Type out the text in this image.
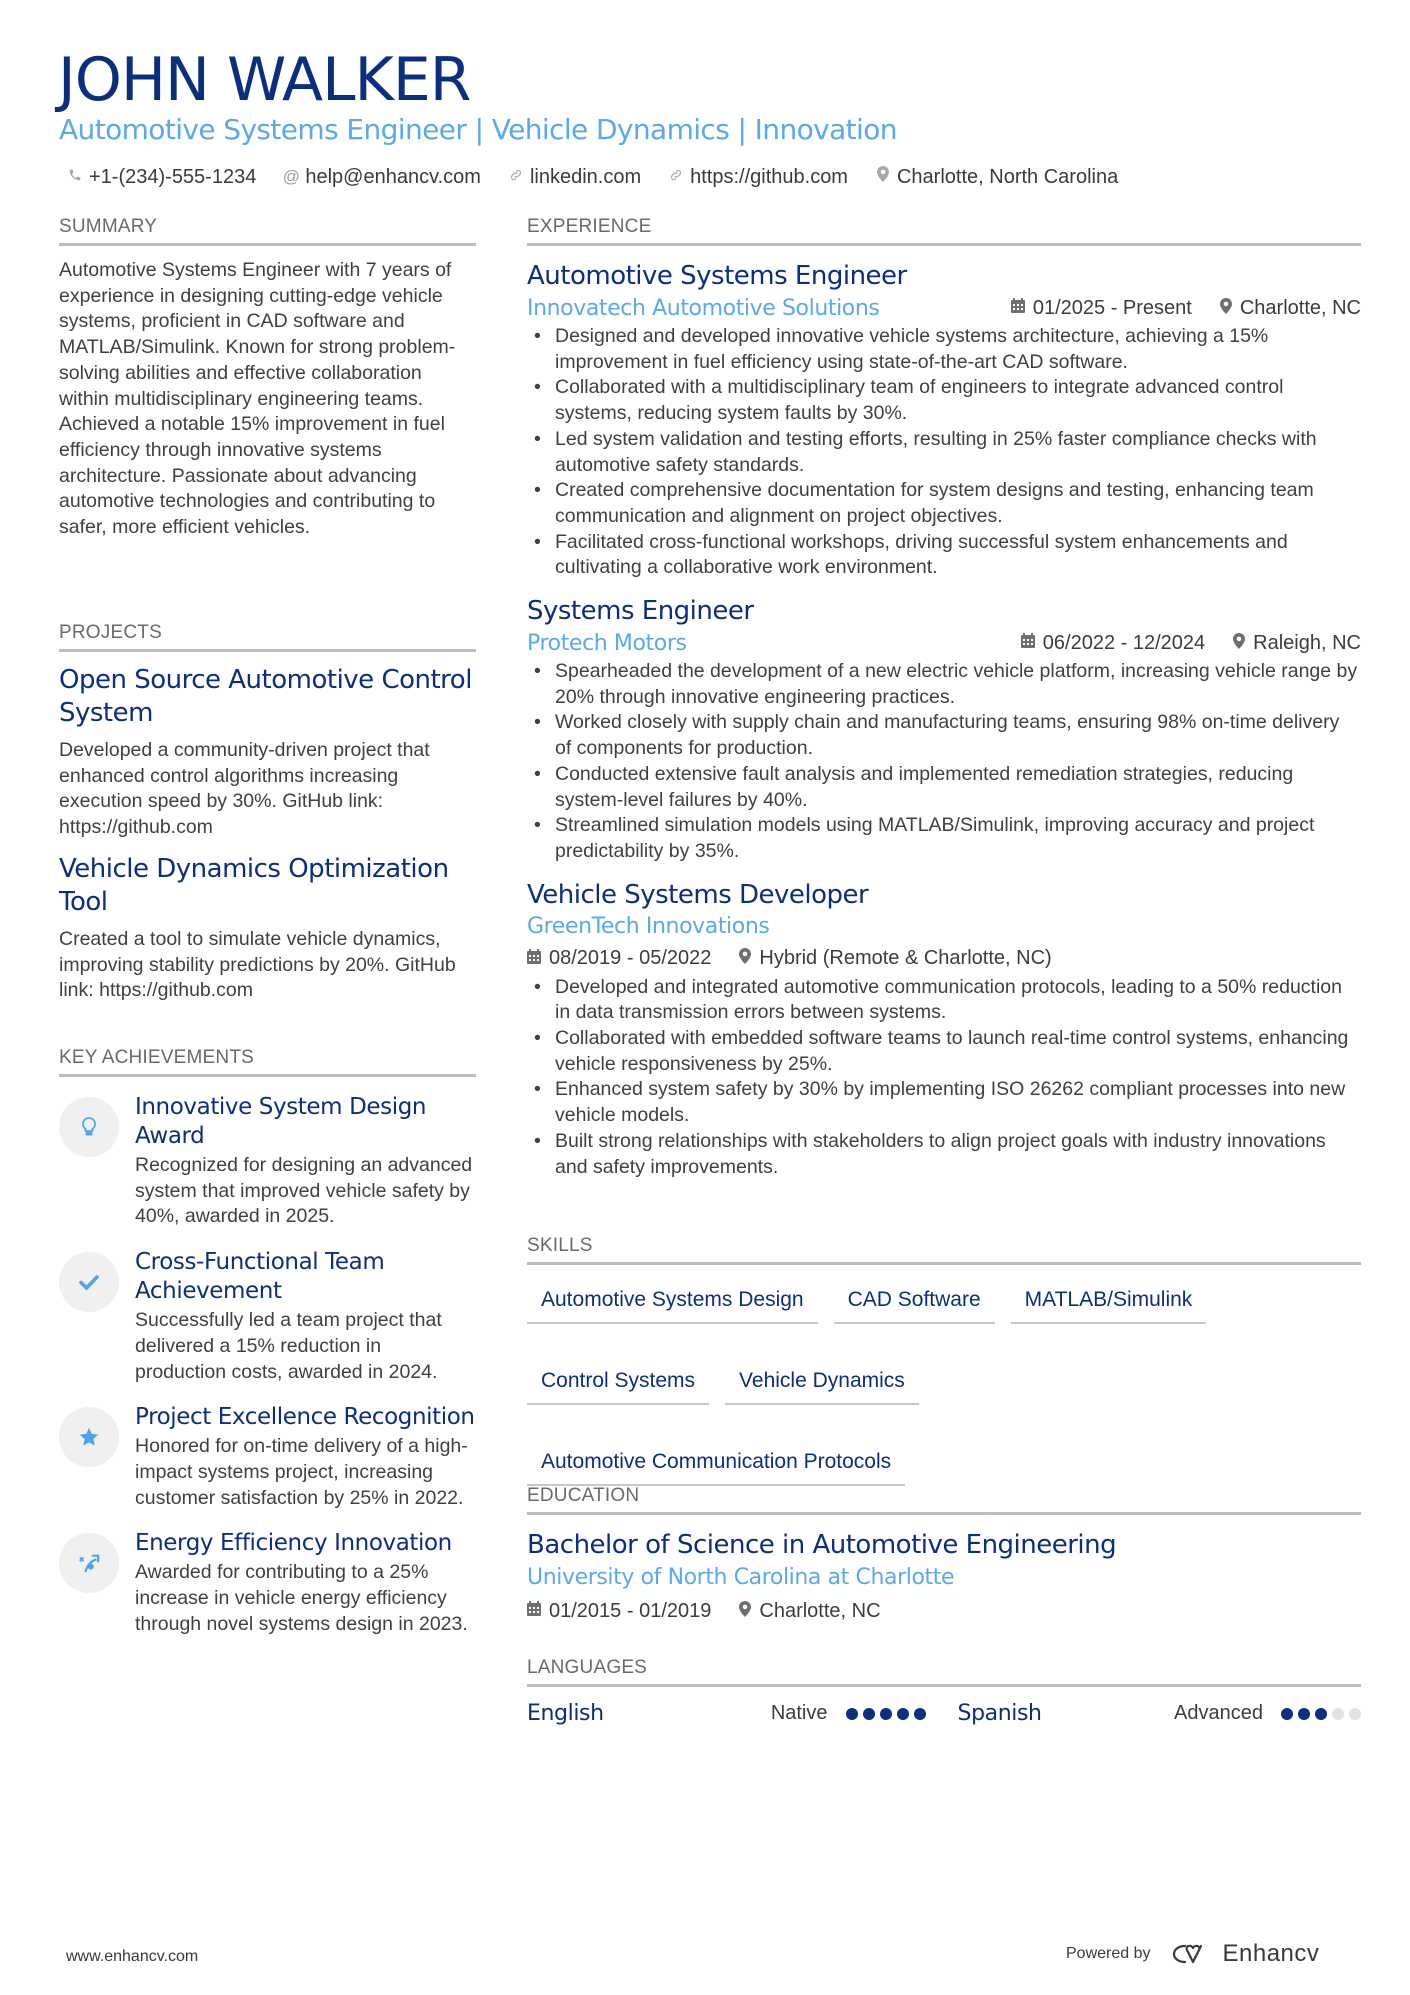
JOHN WALKER
Automotive Systems Engineer | Vehicle Dynamics | Innovation
+1-(234)-555-1234 @ help@enhancv.com linkedin.com https://github.com Charlotte, North Carolina
SUMMARY
Automotive Systems Engineer with 7 years of experience in designing cutting-edge vehicle systems, proficient in CAD software and MATLAB/Simulink. Known for strong problem-solving abilities and effective collaboration within multidisciplinary engineering teams. Achieved a notable 15% improvement in fuel efficiency through innovative systems architecture. Passionate about advancing automotive technologies and contributing to safer, more efficient vehicles.
PROJECTS
Open Source Automotive Control System
Developed a community-driven project that enhanced control algorithms increasing execution speed by 30%. GitHub link: https://github.com
Vehicle Dynamics Optimization Tool
Created a tool to simulate vehicle dynamics, improving stability predictions by 20%. GitHub link: https://github.com
KEY ACHIEVEMENTS
Innovative System Design Award
Recognized for designing an advanced system that improved vehicle safety by 40%, awarded in 2025.
Cross-Functional Team Achievement
Successfully led a team project that delivered a 15% reduction in production costs, awarded in 2024.
Project Excellence Recognition
Honored for on-time delivery of a high-impact systems project, increasing customer satisfaction by 25% in 2022.
Energy Efficiency Innovation
Awarded for contributing to a 25% increase in vehicle energy efficiency through novel systems design in 2023.
EXPERIENCE
Automotive Systems Engineer
Innovatech Automotive Solutions	01/2025 - Present Charlotte, NC
• Designed and developed innovative vehicle systems architecture, achieving a 15% improvement in fuel efficiency using state-of-the-art CAD software.
• Collaborated with a multidisciplinary team of engineers to integrate advanced control systems, reducing system faults by 30%.
• Led system validation and testing efforts, resulting in 25% faster compliance checks with automotive safety standards.
• Created comprehensive documentation for system designs and testing, enhancing team communication and alignment on project objectives.
• Facilitated cross-functional workshops, driving successful system enhancements and cultivating a collaborative work environment.
Systems Engineer
Protech Motors	06/2022 - 12/2024 Raleigh, NC
• Spearheaded the development of a new electric vehicle platform, increasing vehicle range by 20% through innovative engineering practices.
• Worked closely with supply chain and manufacturing teams, ensuring 98% on-time delivery of components for production.
• Conducted extensive fault analysis and implemented remediation strategies, reducing system-level failures by 40%.
• Streamlined simulation models using MATLAB/Simulink, improving accuracy and project predictability by 35%.
Vehicle Systems Developer
GreenTech Innovations
08/2019 - 05/2022 Hybrid (Remote & Charlotte, NC)
• Developed and integrated automotive communication protocols, leading to a 50% reduction in data transmission errors between systems.
• Collaborated with embedded software teams to launch real-time control systems, enhancing vehicle responsiveness by 25%.
• Enhanced system safety by 30% by implementing ISO 26262 compliant processes into new vehicle models.
• Built strong relationships with stakeholders to align project goals with industry innovations and safety improvements.
SKILLS
Automotive Systems Design	CAD Software	MATLAB/Simulink
Control Systems	Vehicle Dynamics
Automotive Communication Protocols
EDUCATION
Bachelor of Science in Automotive Engineering
University of North Carolina at Charlotte
01/2015 - 01/2019 Charlotte, NC
LANGUAGES
English	Native	Spanish	Advanced
www.enhancv.com	Powered by	Enhancv
